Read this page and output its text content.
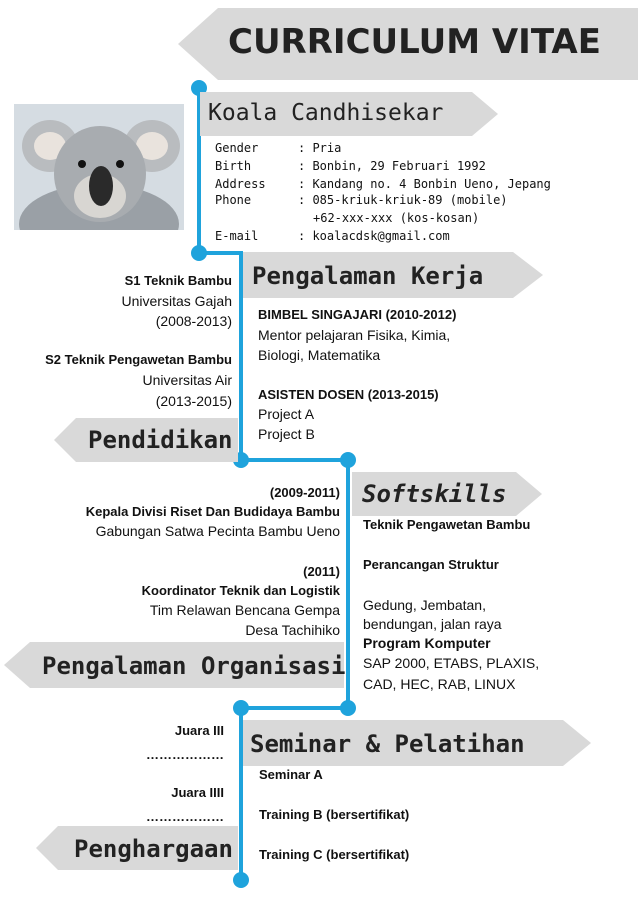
CURRICULUM VITAE
Koala Candhisekar
Gender	: Pria
Birth	: Bonbin, 29 Februari 1992
Address	: Kandang no. 4 Bonbin Ueno, Jepang
Phone	: 085-kriuk-kriuk-89 (mobile)
+62-xxx-xxx (kos-kosan)
E-mail	: koalacdsk@gmail.com
Pengalaman Kerja
S1 Teknik Bambu
Universitas Gajah
(2008-2013)
S2 Teknik Pengawetan Bambu
Universitas Air
(2013-2015)
BIMBEL SINGAJARI (2010-2012)
Mentor pelajaran Fisika, Kimia,
Biologi, Matematika
ASISTEN DOSEN (2013-2015)
Project A
Project B
Pendidikan
Softskills
(2009-2011)
Kepala Divisi Riset Dan Budidaya Bambu
Gabungan Satwa Pecinta Bambu Ueno
(2011)
Koordinator Teknik dan Logistik
Tim Relawan Bencana Gempa
Desa Tachihiko
Teknik Pengawetan Bambu
Perancangan Struktur
Gedung, Jembatan,
bendungan, jalan raya
Program Komputer
SAP 2000, ETABS, PLAXIS,
CAD, HEC, RAB, LINUX
Pengalaman Organisasi
Seminar & Pelatihan
Juara III
………………
Juara IIII
………………
Seminar A
Training B (bersertifikat)
Training C (bersertifikat)
Penghargaan
